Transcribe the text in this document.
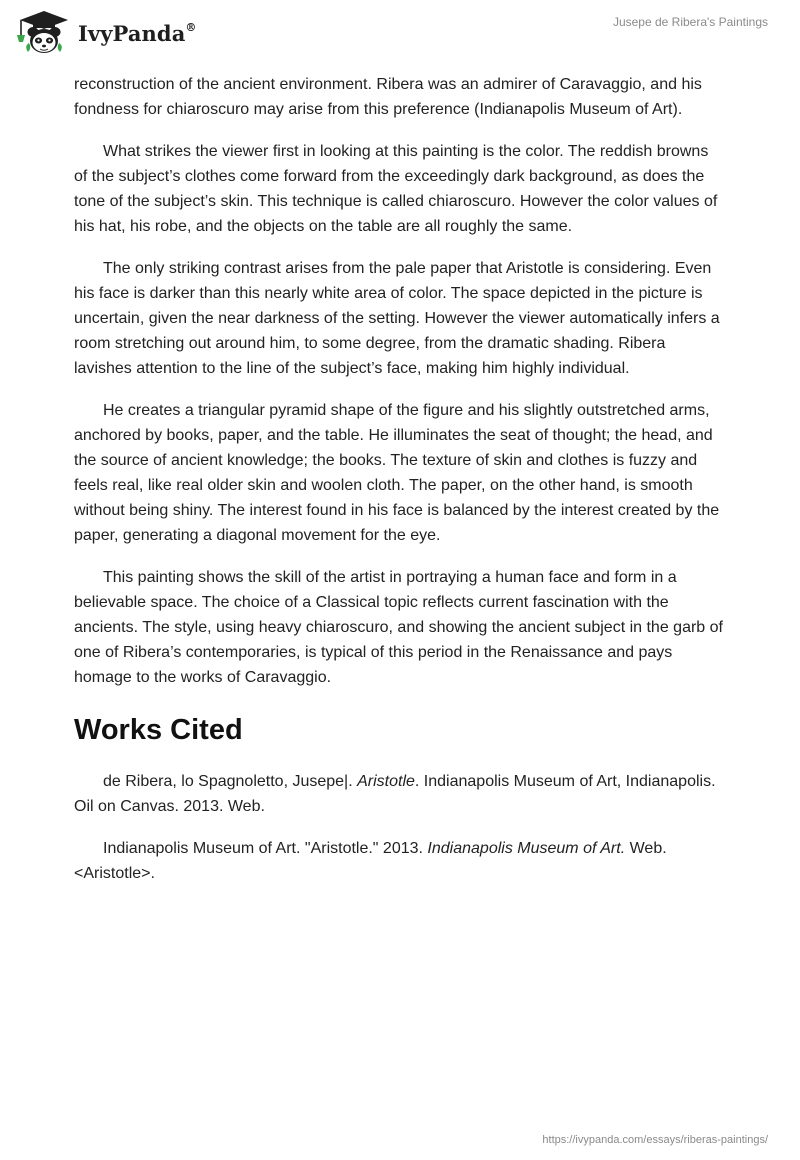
IvyPanda®	Jusepe de Ribera's Paintings

reconstruction of the ancient environment. Ribera was an admirer of Caravaggio, and his fondness for chiaroscuro may arise from this preference (Indianapolis Museum of Art).

What strikes the viewer first in looking at this painting is the color. The reddish browns of the subject’s clothes come forward from the exceedingly dark background, as does the tone of the subject’s skin. This technique is called chiaroscuro. However the color values of his hat, his robe, and the objects on the table are all roughly the same.

The only striking contrast arises from the pale paper that Aristotle is considering. Even his face is darker than this nearly white area of color. The space depicted in the picture is uncertain, given the near darkness of the setting. However the viewer automatically infers a room stretching out around him, to some degree, from the dramatic shading. Ribera lavishes attention to the line of the subject’s face, making him highly individual.

He creates a triangular pyramid shape of the figure and his slightly outstretched arms, anchored by books, paper, and the table. He illuminates the seat of thought; the head, and the source of ancient knowledge; the books. The texture of skin and clothes is fuzzy and feels real, like real older skin and woolen cloth. The paper, on the other hand, is smooth without being shiny. The interest found in his face is balanced by the interest created by the paper, generating a diagonal movement for the eye.

This painting shows the skill of the artist in portraying a human face and form in a believable space. The choice of a Classical topic reflects current fascination with the ancients. The style, using heavy chiaroscuro, and showing the ancient subject in the garb of one of Ribera’s contemporaries, is typical of this period in the Renaissance and pays homage to the works of Caravaggio.

Works Cited

de Ribera, lo Spagnoletto, Jusepe|. Aristotle. Indianapolis Museum of Art, Indianapolis. Oil on Canvas. 2013. Web.

Indianapolis Museum of Art. "Aristotle." 2013. Indianapolis Museum of Art. Web. <Aristotle>.

https://ivypanda.com/essays/riberas-paintings/
